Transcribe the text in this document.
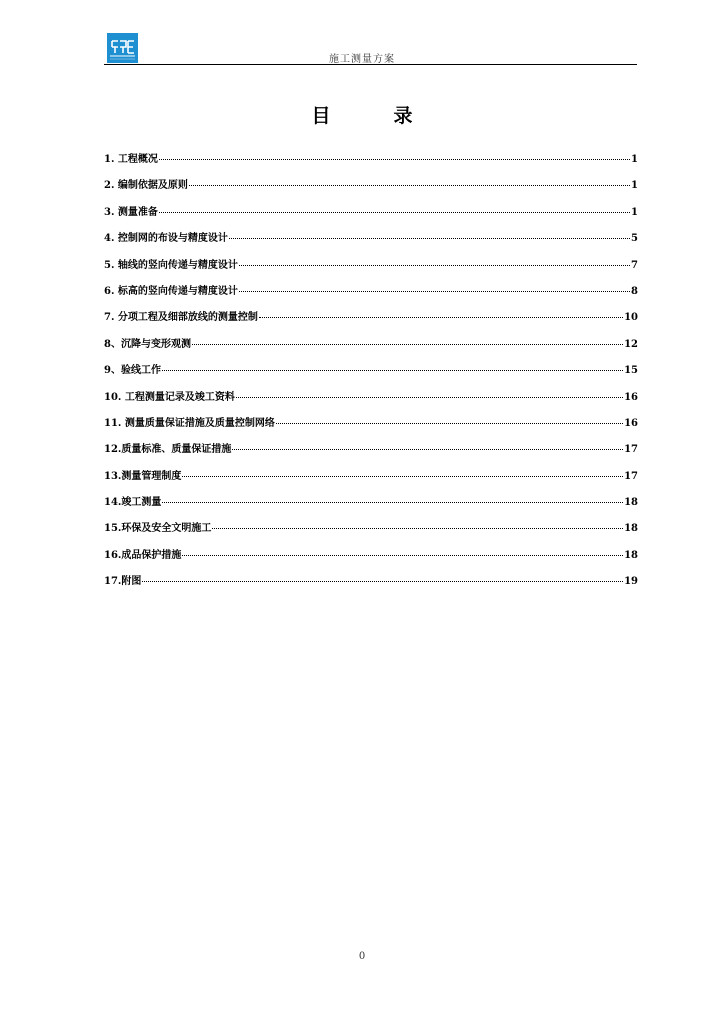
施工测量方案
目　录
1. 工程概况	1
2. 编制依据及原则	1
3. 测量准备	1
4. 控制网的布设与精度设计	5
5. 轴线的竖向传递与精度设计	7
6. 标高的竖向传递与精度设计	8
7. 分项工程及细部放线的测量控制	10
8、沉降与变形观测	12
9、验线工作	15
10. 工程测量记录及竣工资料	16
11. 测量质量保证措施及质量控制网络	16
12.质量标准、质量保证措施	17
13.测量管理制度	17
14.竣工测量	18
15.环保及安全文明施工	18
16.成品保护措施	18
17.附图	19
0
